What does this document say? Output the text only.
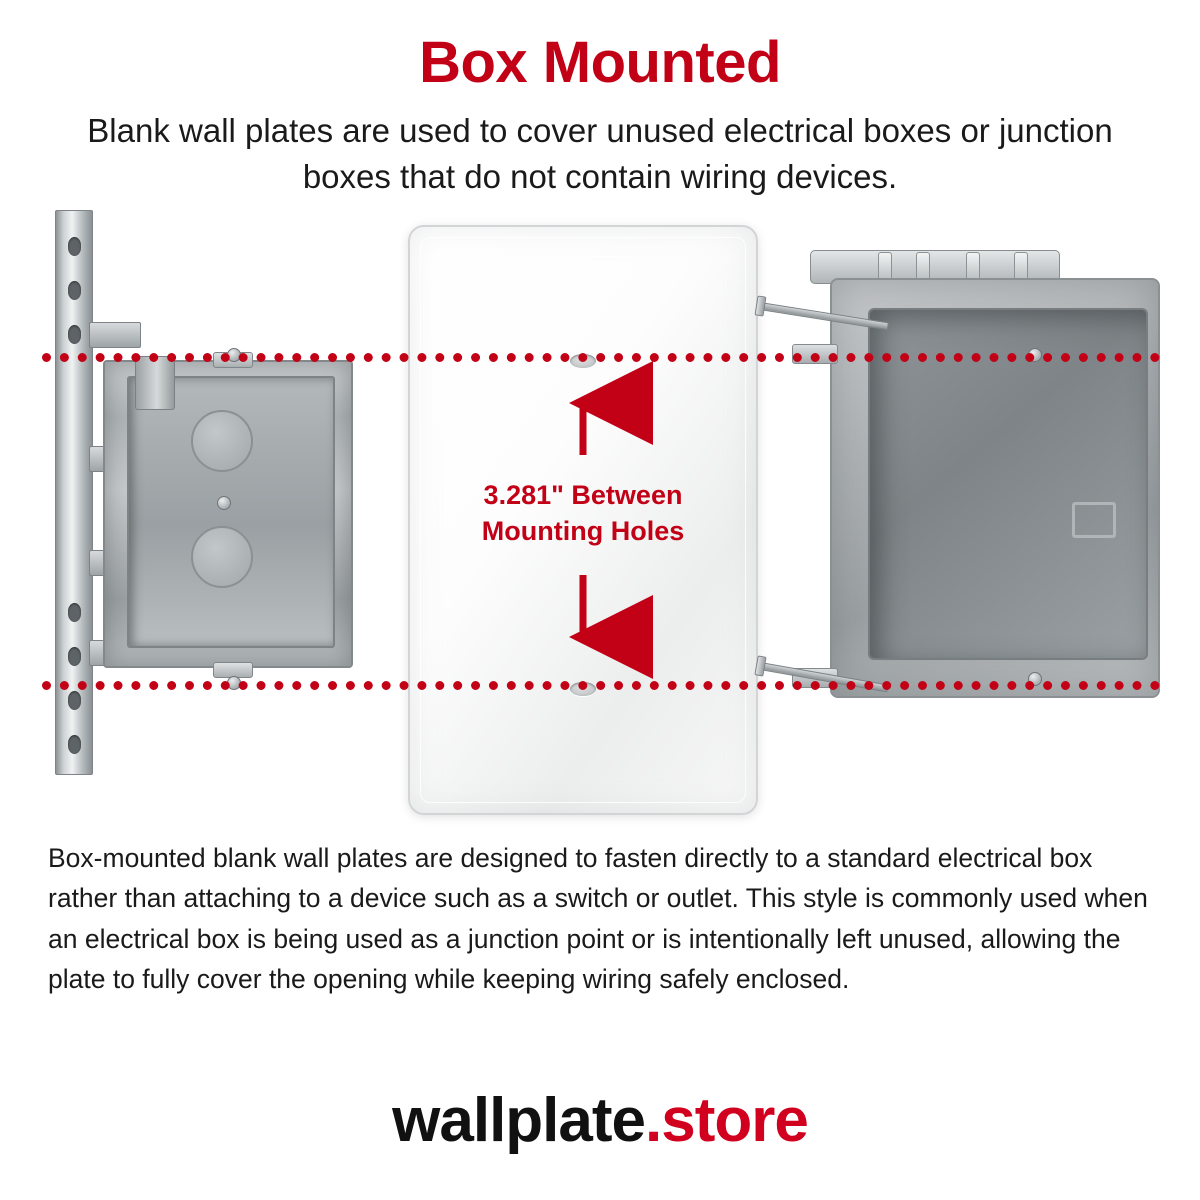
Box Mounted
Blank wall plates are used to cover unused electrical boxes or junction boxes that do not contain wiring devices.
3.281" Between
Mounting Holes
Box-mounted blank wall plates are designed to fasten directly to a standard electrical box rather than attaching to a device such as a switch or outlet. This style is commonly used when an electrical box is being used as a junction point or is intentionally left unused, allowing the plate to fully cover the opening while keeping wiring safely enclosed.
wallplate.store
